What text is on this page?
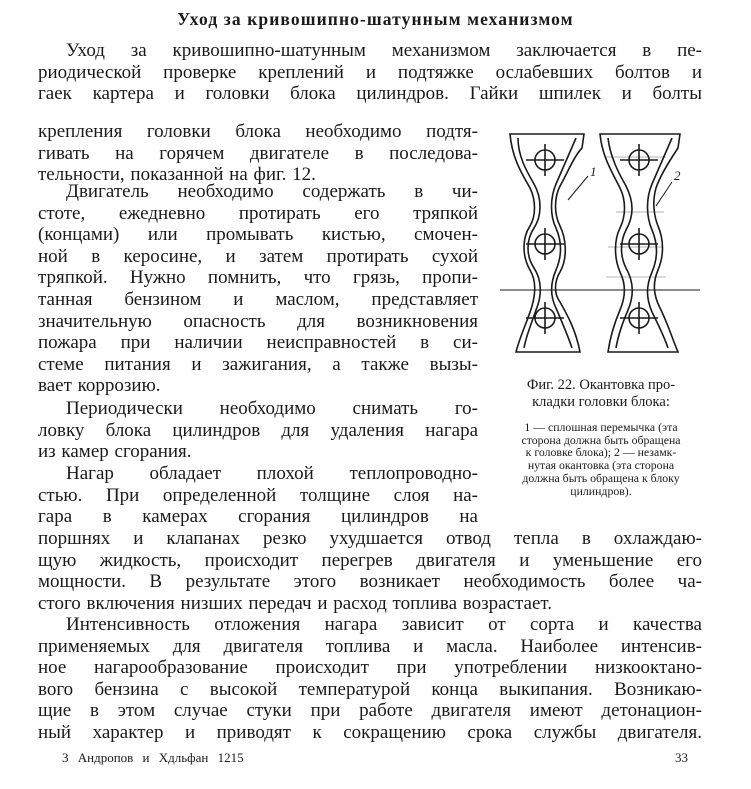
Уход за кривошипно-шатунным механизмом
Уход за кривошипно-шатунным механизмом заключается в пе-
риодической проверке креплений и подтяжке ослабевших болтов и
гаек картера и головки блока цилиндров. Гайки шпилек и болты
крепления головки блока необходимо подтя-
гивать на горячем двигателе в последова-
тельности, показанной на фиг. 12.
Двигатель необходимо содержать в чи-
стоте, ежедневно протирать его тряпкой
(концами) или промывать кистью, смочен-
ной в керосине, и затем протирать сухой
тряпкой. Нужно помнить, что грязь, пропи-
танная бензином и маслом, представляет
значительную опасность для возникновения
пожара при наличии неисправностей в си-
стеме питания и зажигания, а также вызы-
вает коррозию.
Периодически необходимо снимать го-
ловку блока цилиндров для удаления нагара
из камер сгорания.
Нагар обладает плохой теплопроводно-
стью. При определенной толщине слоя на-
гара в камерах сгорания цилиндров на
поршнях и клапанах резко ухудшается отвод тепла в охлаждаю-
щую жидкость, происходит перегрев двигателя и уменьшение его
мощности. В результате этого возникает необходимость более ча-
стого включения низших передач и расход топлива возрастает.
Интенсивность отложения нагара зависит от сорта и качества
применяемых для двигателя топлива и масла. Наиболее интенсив-
ное нагарообразование происходит при употреблении низкооктано-
вого бензина с высокой температурой конца выкипания. Возникаю-
щие в этом случае стуки при работе двигателя имеют детонацион-
ный характер и приводят к сокращению срока службы двигателя.
1	2
Фиг. 22. Окантовка про-
кладки головки блока:
1 — сплошная перемычка (эта
сторона должна быть обращена
к головке блока); 2 — незамк-
нутая окантовка (эта сторона
должна быть обращена к блоку
цилиндров).
3 Андропов и Хдльфан 1215	33
